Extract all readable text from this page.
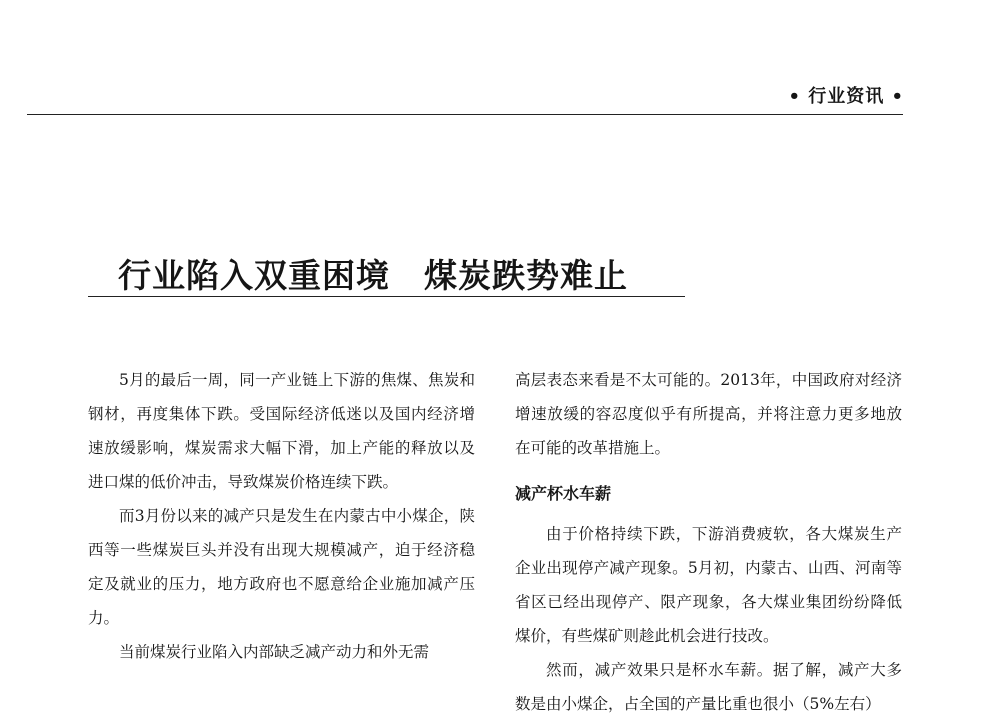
• 行业资讯 •
行业陷入双重困境 煤炭跌势难止

5月的最后一周，同一产业链上下游的焦煤、焦炭和钢材，再度集体下跌。受国际经济低迷以及国内经济增速放缓影响，煤炭需求大幅下滑，加上产能的释放以及进口煤的低价冲击，导致煤炭价格连续下跌。

而3月份以来的减产只是发生在内蒙古中小煤企，陕西等一些煤炭巨头并没有出现大规模减产，迫于经济稳定及就业的压力，地方政府也不愿意给企业施加减产压力。

当前煤炭行业陷入内部缺乏减产动力和外无需

高层表态来看是不太可能的。2013年，中国政府对经济增速放缓的容忍度似乎有所提高，并将注意力更多地放在可能的改革措施上。

减产杯水车薪

由于价格持续下跌，下游消费疲软，各大煤炭生产企业出现停产减产现象。5月初，内蒙古、山西、河南等省区已经出现停产、限产现象，各大煤业集团纷纷降低煤价，有些煤矿则趁此机会进行技改。

然而，减产效果只是杯水车薪。据了解，减产大多数是由小煤企，占全国的产量比重也很小（5%左右）
